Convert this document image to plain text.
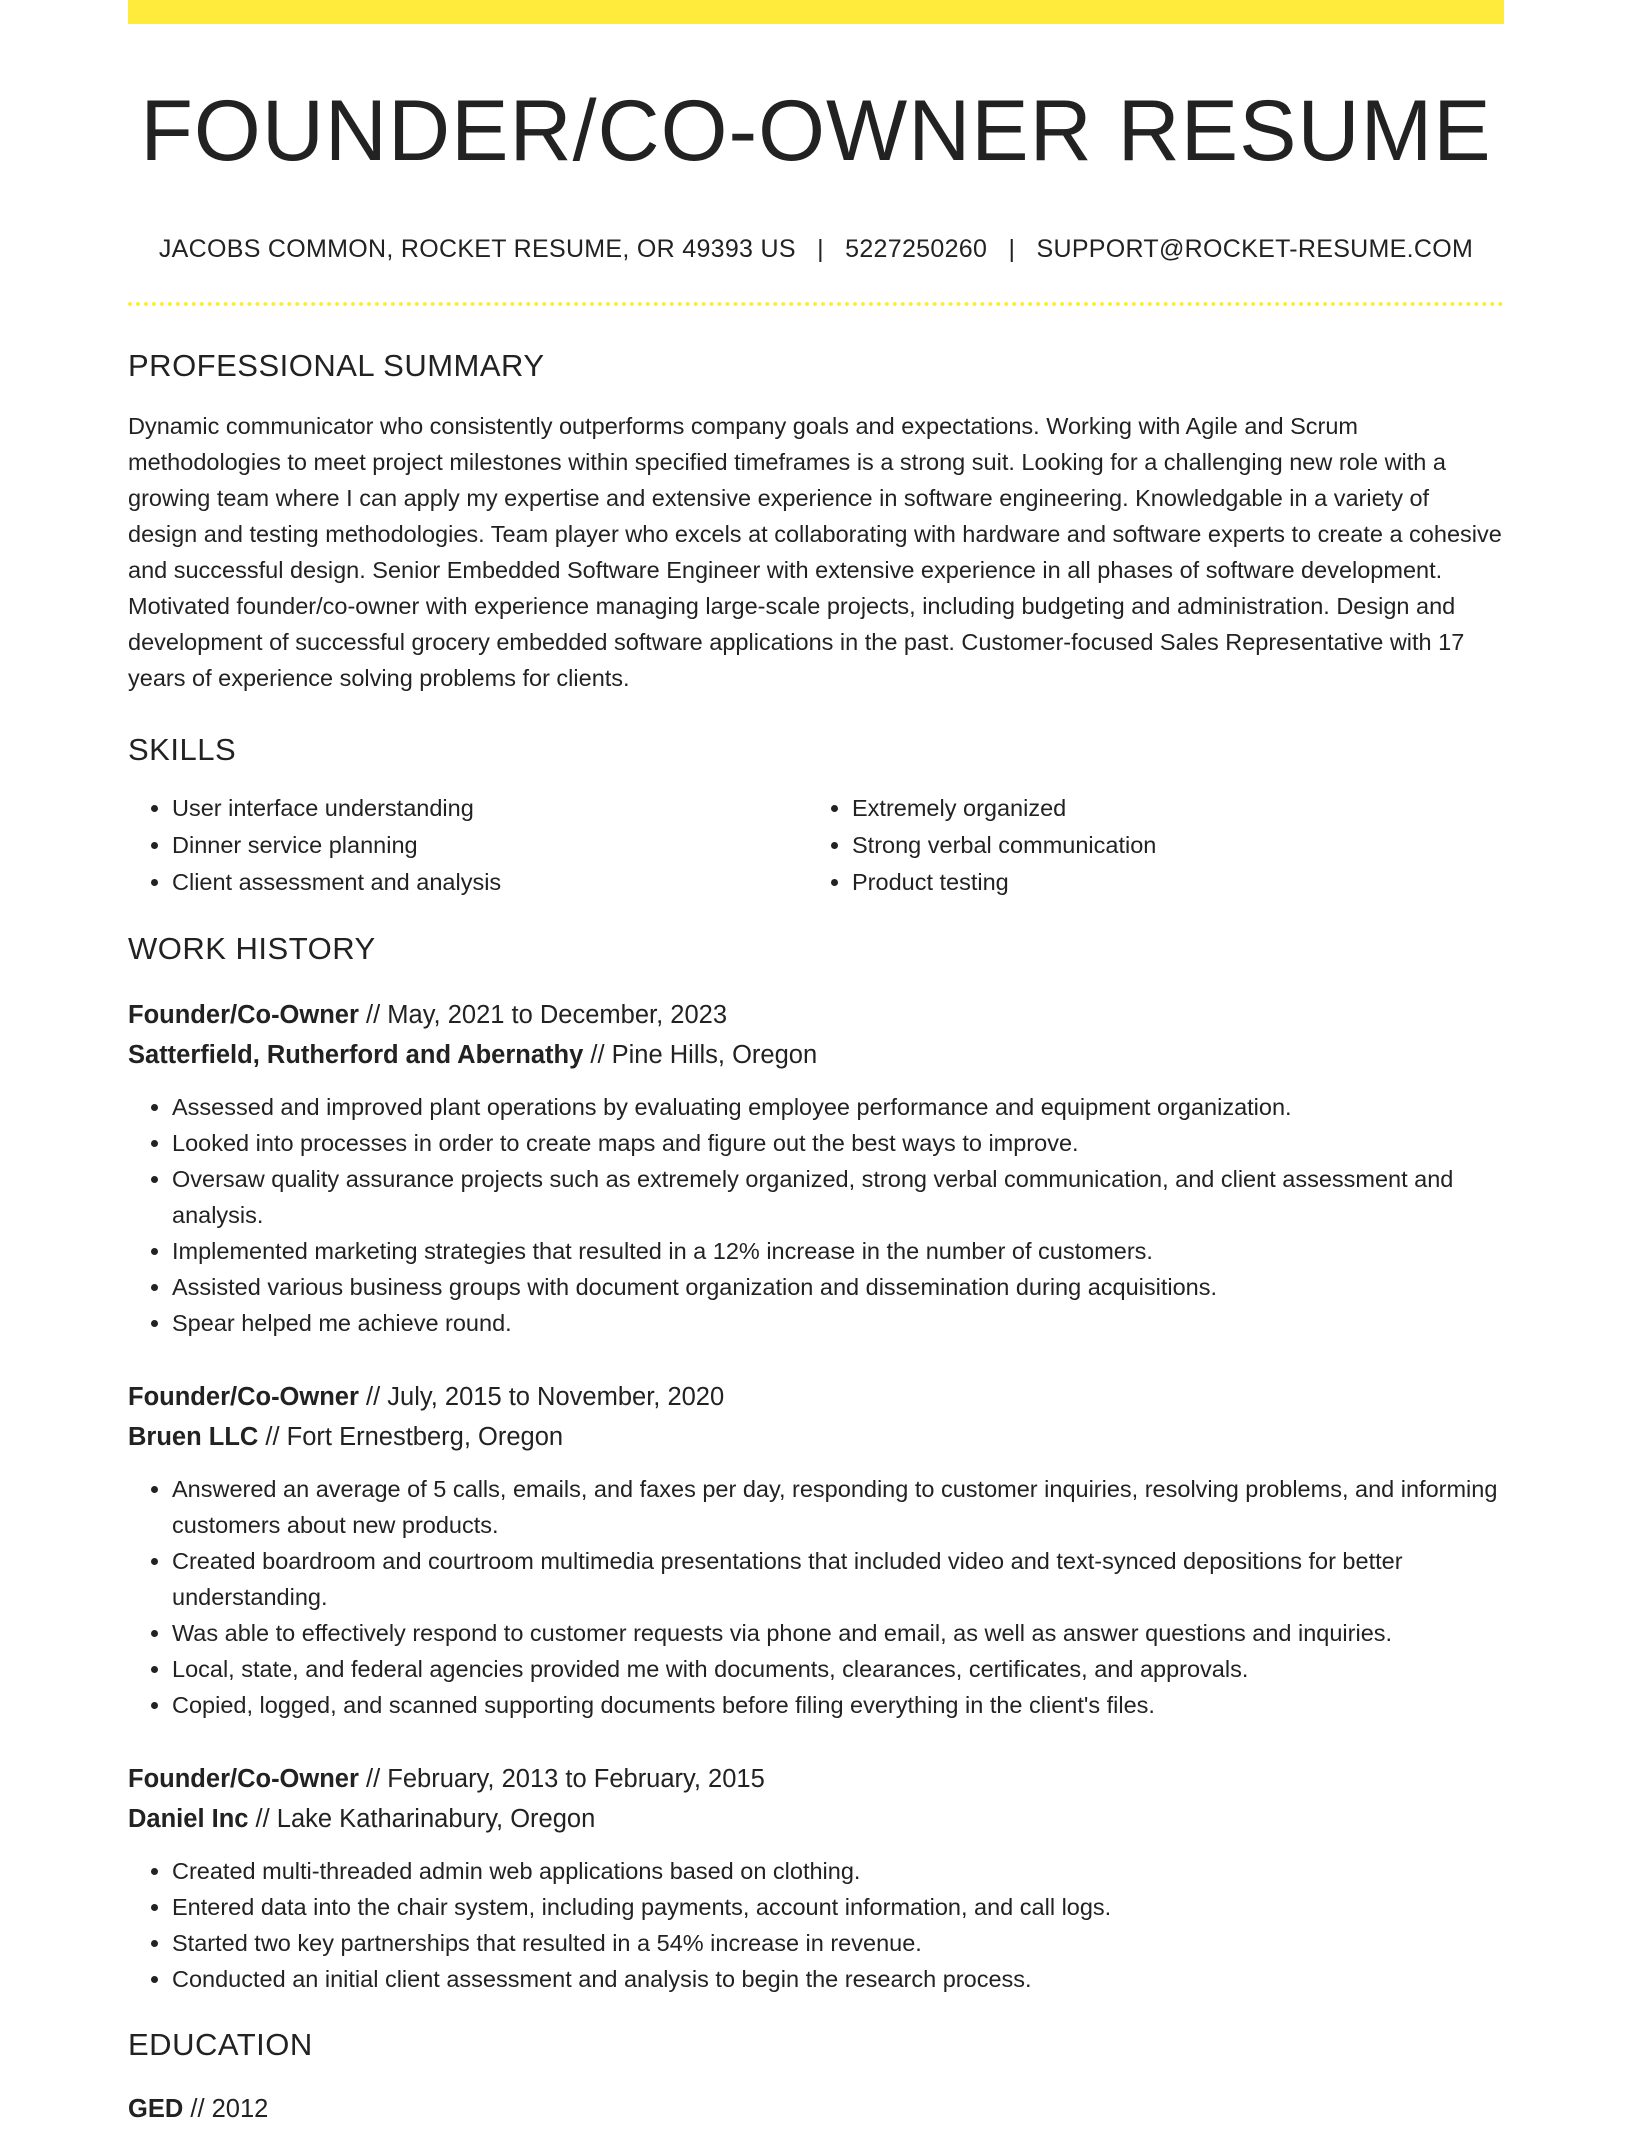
FOUNDER/CO-OWNER RESUME
JACOBS COMMON, ROCKET RESUME, OR 49393 US | 5227250260 | SUPPORT@ROCKET-RESUME.COM
PROFESSIONAL SUMMARY

Dynamic communicator who consistently outperforms company goals and expectations. Working with Agile and Scrum methodologies to meet project milestones within specified timeframes is a strong suit. Looking for a challenging new role with a growing team where I can apply my expertise and extensive experience in software engineering. Knowledgable in a variety of design and testing methodologies. Team player who excels at collaborating with hardware and software experts to create a cohesive and successful design. Senior Embedded Software Engineer with extensive experience in all phases of software development. Motivated founder/co-owner with experience managing large-scale projects, including budgeting and administration. Design and development of successful grocery embedded software applications in the past. Customer-focused Sales Representative with 17 years of experience solving problems for clients.

SKILLS
• User interface understanding
• Dinner service planning
• Client assessment and analysis
• Extremely organized
• Strong verbal communication
• Product testing
WORK HISTORY
Founder/Co-Owner // May, 2021 to December, 2023
Satterfield, Rutherford and Abernathy // Pine Hills, Oregon
• Assessed and improved plant operations by evaluating employee performance and equipment organization.
• Looked into processes in order to create maps and figure out the best ways to improve.
• Oversaw quality assurance projects such as extremely organized, strong verbal communication, and client assessment and analysis.
• Implemented marketing strategies that resulted in a 12% increase in the number of customers.
• Assisted various business groups with document organization and dissemination during acquisitions.
• Spear helped me achieve round.
Founder/Co-Owner // July, 2015 to November, 2020
Bruen LLC // Fort Ernestberg, Oregon
• Answered an average of 5 calls, emails, and faxes per day, responding to customer inquiries, resolving problems, and informing customers about new products.
• Created boardroom and courtroom multimedia presentations that included video and text-synced depositions for better understanding.
• Was able to effectively respond to customer requests via phone and email, as well as answer questions and inquiries.
• Local, state, and federal agencies provided me with documents, clearances, certificates, and approvals.
• Copied, logged, and scanned supporting documents before filing everything in the client's files.
Founder/Co-Owner // February, 2013 to February, 2015
Daniel Inc // Lake Katharinabury, Oregon
• Created multi-threaded admin web applications based on clothing.
• Entered data into the chair system, including payments, account information, and call logs.
• Started two key partnerships that resulted in a 54% increase in revenue.
• Conducted an initial client assessment and analysis to begin the research process.
EDUCATION
GED // 2012
